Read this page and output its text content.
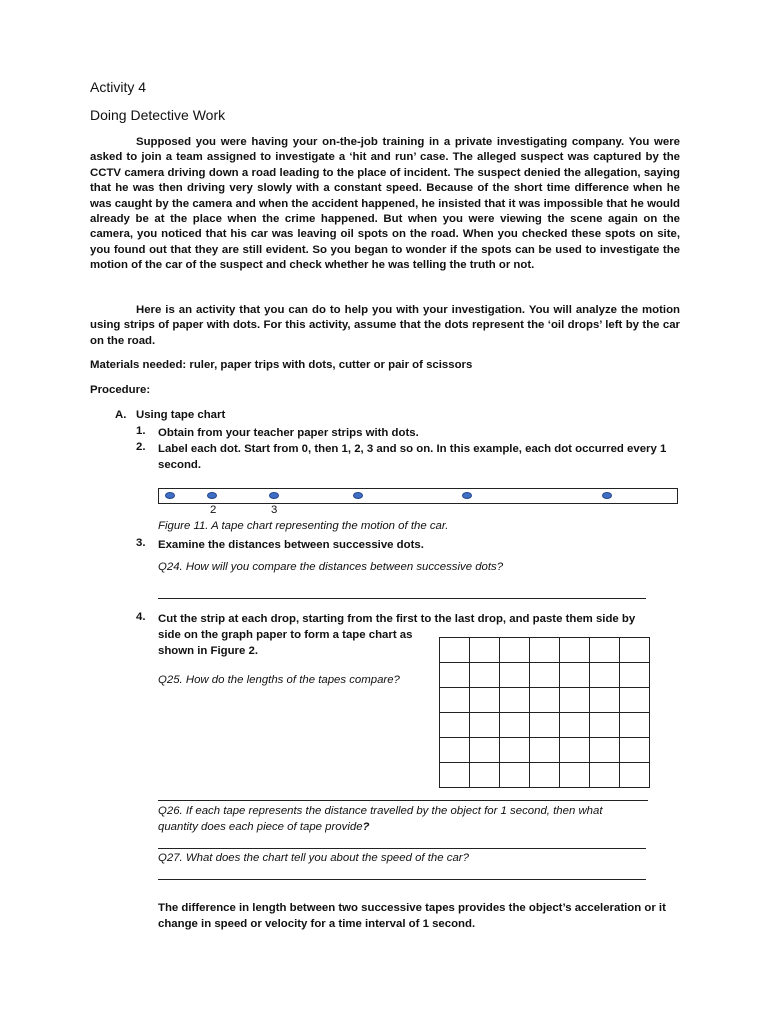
Activity 4
Doing Detective Work

Supposed you were having your on-the-job training in a private investigating company. You were asked to join a team assigned to investigate a ‘hit and run’ case. The alleged suspect was captured by the CCTV camera driving down a road leading to the place of incident. The suspect denied the allegation, saying that he was then driving very slowly with a constant speed. Because of the short time difference when he was caught by the camera and when the accident happened, he insisted that it was impossible that he would already be at the place when the crime happened. But when you were viewing the scene again on the camera, you noticed that his car was leaving oil spots on the road. When you checked these spots on site, you found out that they are still evident. So you began to wonder if the spots can be used to investigate the motion of the car of the suspect and check whether he was telling the truth or not.

Here is an activity that you can do to help you with your investigation. You will analyze the motion using strips of paper with dots. For this activity, assume that the dots represent the ‘oil drops’ left by the car on the road.

Materials needed: ruler, paper trips with dots, cutter or pair of scissors
Procedure:
A. Using tape chart
1. Obtain from your teacher paper strips with dots.

2. Label each dot. Start from 0, then 1, 2, 3 and so on. In this example, each dot occurred every 1 second.

2	3
Figure 11. A tape chart representing the motion of the car.
3. Examine the distances between successive dots.

Q24. How will you compare the distances between successive dots?
4. Cut the strip at each drop, starting from the first to the last drop, and paste them side by
side on the graph paper to form a tape chart as
shown in Figure 2.
Q25. How do the lengths of the tapes compare?

Q26. If each tape represents the distance travelled by the object for 1 second, then what
quantity does each piece of tape provide?
Q27. What does the chart tell you about the speed of the car?

The difference in length between two successive tapes provides the object’s acceleration or it change in speed or velocity for a time interval of 1 second.
